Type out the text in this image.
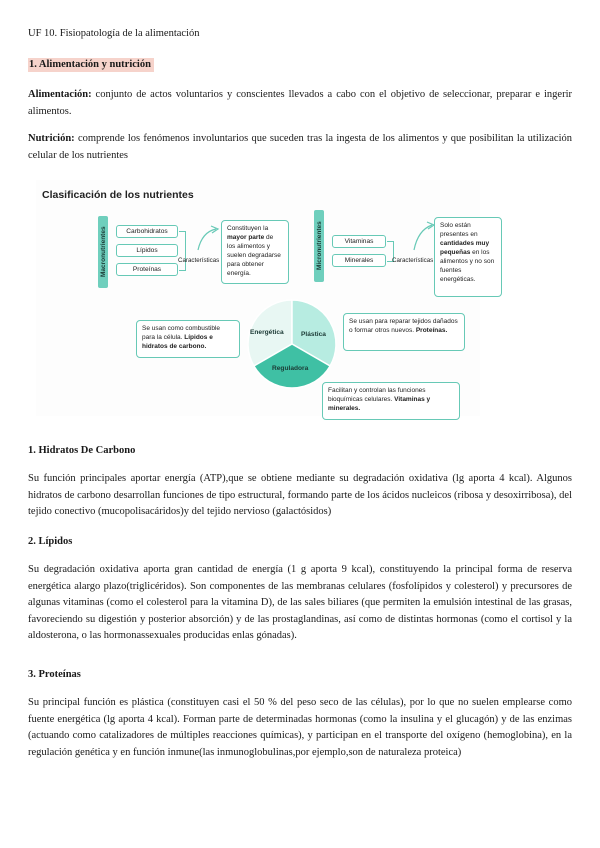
UF 10. Fisiopatología de la alimentación
1. Alimentación y nutrición

Alimentación: conjunto de actos voluntarios y conscientes llevados a cabo con el objetivo de seleccionar, preparar e ingerir alimentos.

Nutrición: comprende los fenómenos involuntarios que suceden tras la ingesta de los alimentos y que posibilitan la utilización celular de los nutrientes

Clasificación de los nutrientes
Macronutrientes	Carbohidratos
Lípidos
Proteínas
Características
Constituyen la mayor parte de los alimentos y suelen degradarse para obtener energía.
Micronutrientes	Vitaminas
Minerales	Características
Solo están presentes en cantidades muy pequeñas en los alimentos y no son fuentes energéticas.
Energética	Plástica
Reguladora
Se usan como combustible para la célula. Lípidos e hidratos de carbono.
Se usan para reparar tejidos dañados o formar otros nuevos. Proteínas.
Facilitan y controlan las funciones bioquímicas celulares. Vitaminas y minerales.
1. Hidratos De Carbono

Su función principales aportar energía (ATP),que se obtiene mediante su degradación oxidativa (lg aporta 4 kcal). Algunos hidratos de carbono desarrollan funciones de tipo estructural, formando parte de los ácidos nucleicos (ribosa y desoxirribosa), del tejido conectivo (mucopolisacáridos)y del tejido nervioso (galactósidos)

2. Lípidos

Su degradación oxidativa aporta gran cantidad de energía (1 g aporta 9 kcal), constituyendo la principal forma de reserva energética alargo plazo(triglicéridos). Son componentes de las membranas celulares (fosfolípidos y colesterol) y precursores de algunas vitaminas (como el colesterol para la vitamina D), de las sales biliares (que permiten la emulsión intestinal de las grasas, favoreciendo su digestión y posterior absorción) y de las prostaglandinas, así como de distintas hormonas (como el cortisol y la aldosterona, o las hormonassexuales producidas enlas gónadas).

3. Proteínas

Su principal función es plástica (constituyen casi el 50 % del peso seco de las células), por lo que no suelen emplearse como fuente energética (lg aporta 4 kcal). Forman parte de determinadas hormonas (como la insulina y el glucagón) y de las enzimas (actuando como catalizadores de múltiples reacciones químicas), y participan en el transporte del oxígeno (hemoglobina), en la regulación genética y en función inmune(las inmunoglobulinas,por ejemplo,son de naturaleza proteica)
